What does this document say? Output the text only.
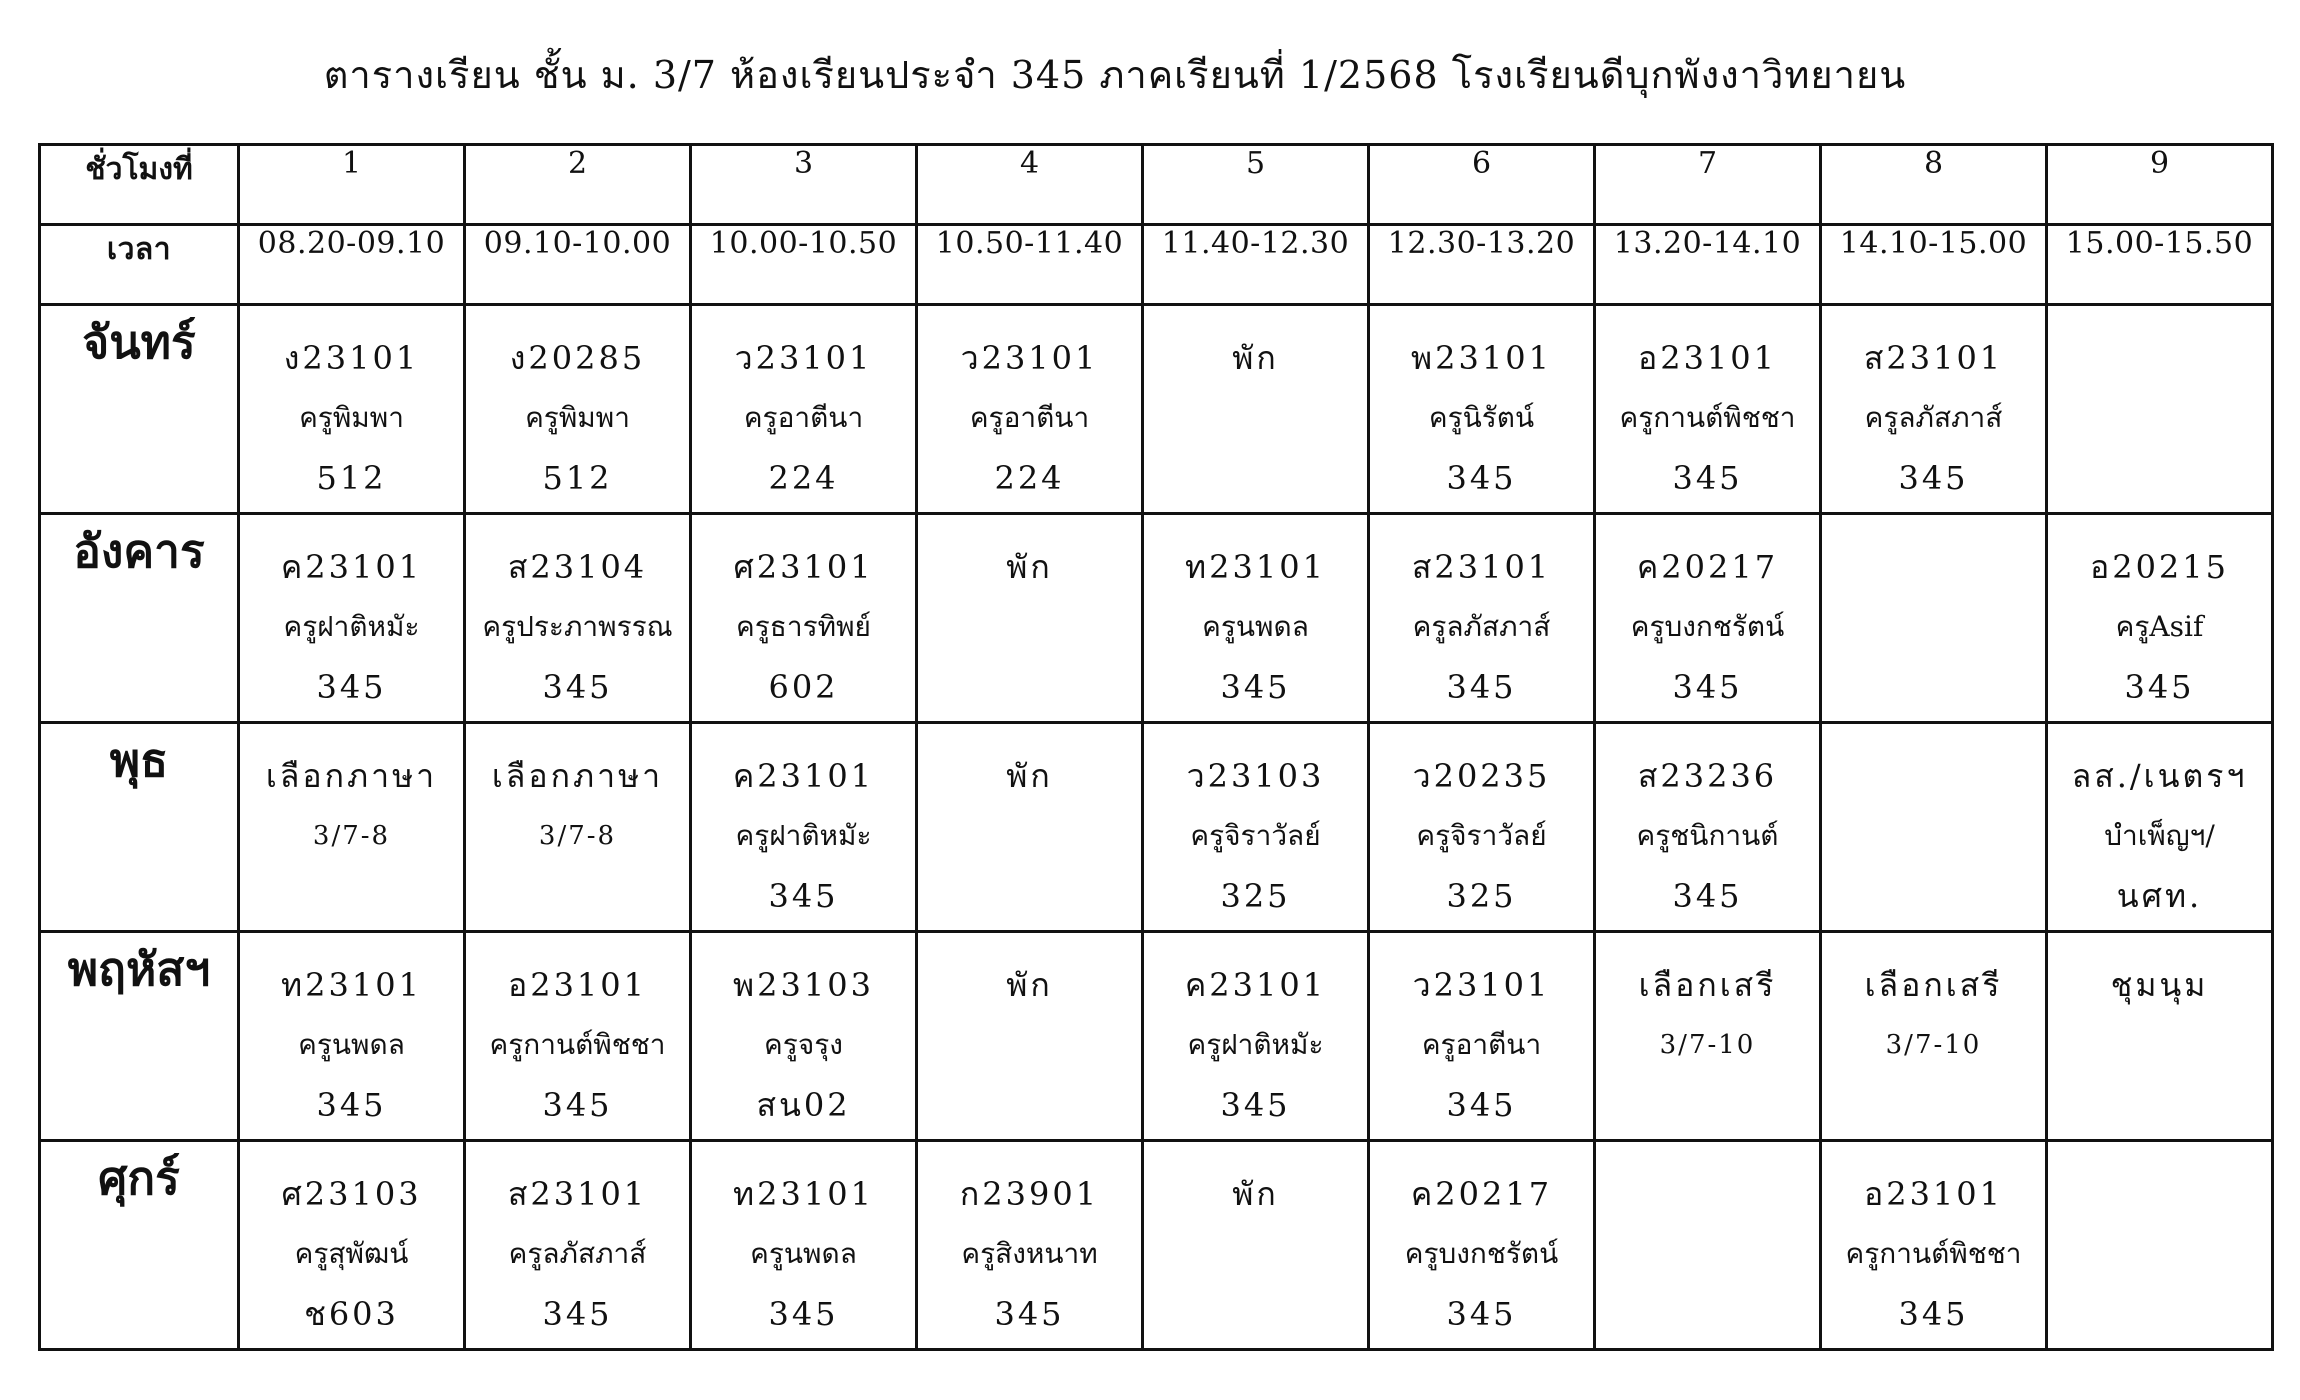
ตารางเรียน ชั้น ม. 3/7 ห้องเรียนประจำ 345 ภาคเรียนที่ 1/2568 โรงเรียนดีบุกพังงาวิทยายน
ชั่วโมงที่	1	2	3	4	5	6	7	8	9
เวลา	08.20-09.10	09.10-10.00	10.00-10.50	10.50-11.40	11.40-12.30	12.30-13.20	13.20-14.10	14.10-15.00	15.00-15.50
จันทร์	ง23101
ครูพิมพา
512	ง20285
ครูพิมพา
512	ว23101
ครูอาตีนา
224	ว23101
ครูอาตีนา
224	พัก	พ23101
ครูนิรัตน์
345	อ23101
ครูกานต์พิชชา
345	ส23101
ครูลภัสภาส์
345	

อังคาร	ค23101
ครูฝาติหมัะ
345	ส23104
ครูประภาพรรณ
345	ศ23101
ครูธารทิพย์
602	พัก	ท23101
ครูนพดล
345	ส23101
ครูลภัสภาส์
345	ค20217
ครูบงกชรัตน์
345		อ20215
ครูAsif
345

พุธ	เลือกภาษา
3/7-8	เลือกภาษา
3/7-8	ค23101
ครูฝาติหมัะ
345	พัก	ว23103
ครูจิราวัลย์
325	ว20235
ครูจิราวัลย์
325	ส23236
ครูชนิกานต์
345		ลส./เนตรฯ
บำเพ็ญฯ/
นศท.

พฤหัสฯ	ท23101
ครูนพดล
345	อ23101
ครูกานต์พิชชา
345	พ23103
ครูจรุง
สน02	พัก	ค23101
ครูฝาติหมัะ
345	ว23101
ครูอาตีนา
345	เลือกเสรี
3/7-10	เลือกเสรี
3/7-10	ชุมนุม

ศุกร์	ศ23103
ครูสุพัฒน์
ช603	ส23101
ครูลภัสภาส์
345	ท23101
ครูนพดล
345	ก23901
ครูสิงหนาท
345	พัก	ค20217
ครูบงกชรัตน์
345		อ23101
ครูกานต์พิชชา
345	
